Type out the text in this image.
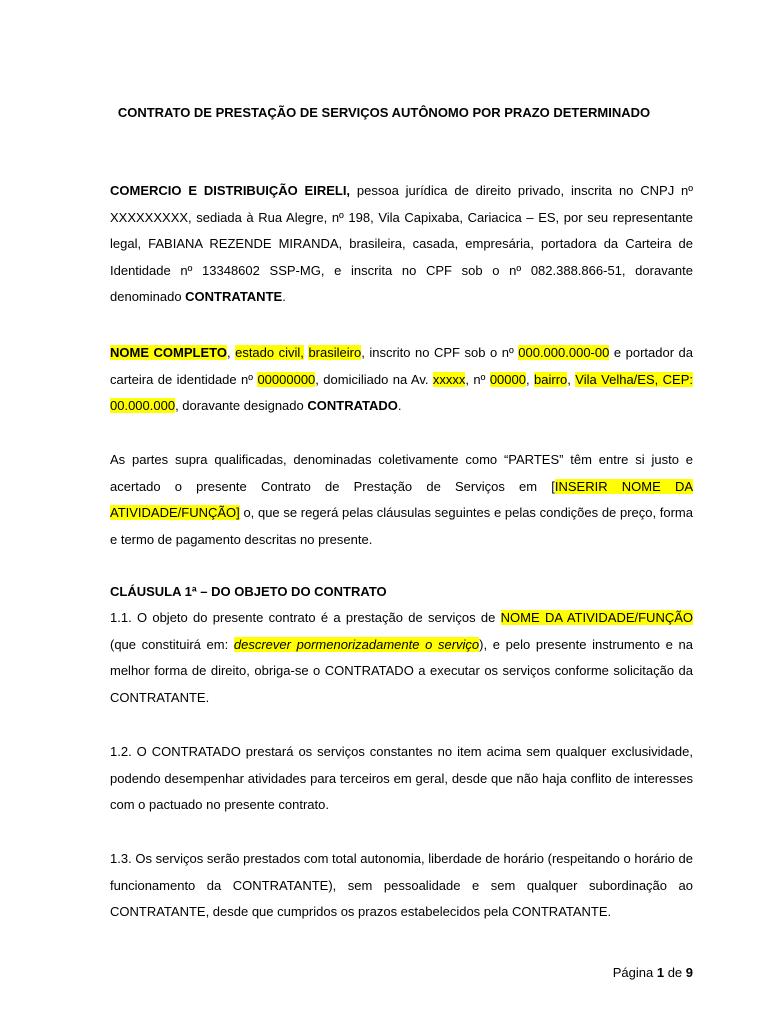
CONTRATO DE PRESTAÇÃO DE SERVIÇOS AUTÔNOMO POR PRAZO DETERMINADO

COMERCIO E DISTRIBUIÇÃO EIRELI, pessoa jurídica de direito privado, inscrita no CNPJ nº XXXXXXXXX, sediada à Rua Alegre, nº 198, Vila Capixaba, Cariacica – ES, por seu representante legal, FABIANA REZENDE MIRANDA, brasileira, casada, empresária, portadora da Carteira de Identidade nº 13348602 SSP-MG, e inscrita no CPF sob o nº 082.388.866-51, doravante denominado CONTRATANTE.

NOME COMPLETO, estado civil, brasileiro, inscrito no CPF sob o nº 000.000.000-00 e portador da carteira de identidade nº 00000000, domiciliado na Av. xxxxx, nº 00000, bairro, Vila Velha/ES, CEP: 00.000.000, doravante designado CONTRATADO.

As partes supra qualificadas, denominadas coletivamente como “PARTES” têm entre si justo e acertado o presente Contrato de Prestação de Serviços em [INSERIR NOME DA ATIVIDADE/FUNÇÃO] o, que se regerá pelas cláusulas seguintes e pelas condições de preço, forma e termo de pagamento descritas no presente.

CLÁUSULA 1ª – DO OBJETO DO CONTRATO

1.1. O objeto do presente contrato é a prestação de serviços de NOME DA ATIVIDADE/FUNÇÃO (que constituirá em: descrever pormenorizadamente o serviço), e pelo presente instrumento e na melhor forma de direito, obriga-se o CONTRATADO a executar os serviços conforme solicitação da CONTRATANTE.

1.2. O CONTRATADO prestará os serviços constantes no item acima sem qualquer exclusividade, podendo desempenhar atividades para terceiros em geral, desde que não haja conflito de interesses com o pactuado no presente contrato.

1.3. Os serviços serão prestados com total autonomia, liberdade de horário (respeitando o horário de funcionamento da CONTRATANTE), sem pessoalidade e sem qualquer subordinação ao CONTRATANTE, desde que cumpridos os prazos estabelecidos pela CONTRATANTE.

Página 1 de 9
